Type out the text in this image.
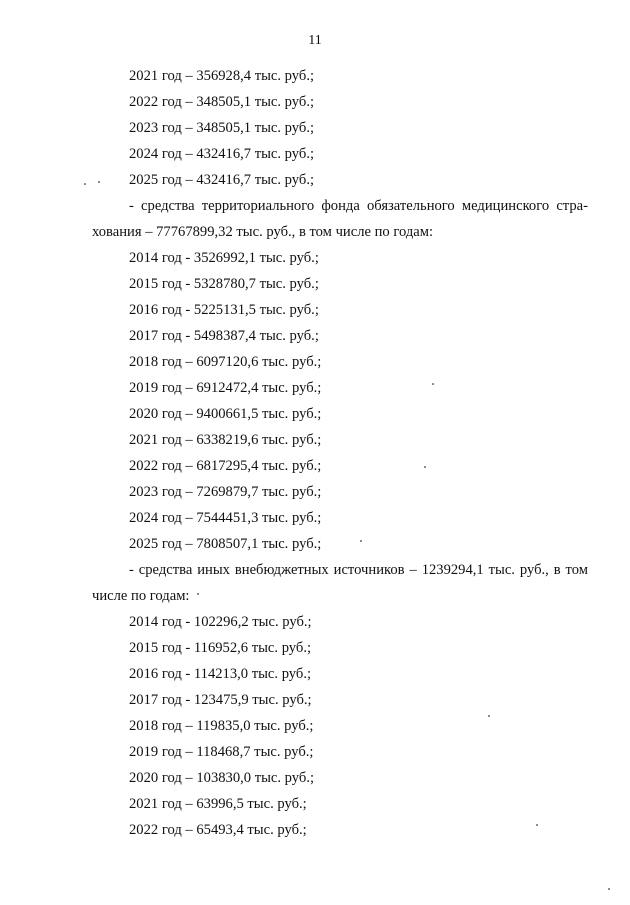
11
2021 год – 356928,4 тыс. руб.;
2022 год – 348505,1 тыс. руб.;
2023 год – 348505,1 тыс. руб.;
2024 год – 432416,7 тыс. руб.;
2025 год – 432416,7 тыс. руб.;
- средства территориального фонда обязательного медицинского стра-
хования – 77767899,32 тыс. руб., в том числе по годам:
2014 год - 3526992,1 тыс. руб.;
2015 год - 5328780,7 тыс. руб.;
2016 год - 5225131,5 тыс. руб.;
2017 год - 5498387,4 тыс. руб.;
2018 год – 6097120,6 тыс. руб.;
2019 год – 6912472,4 тыс. руб.;
2020 год – 9400661,5 тыс. руб.;
2021 год – 6338219,6 тыс. руб.;
2022 год – 6817295,4 тыс. руб.;
2023 год – 7269879,7 тыс. руб.;
2024 год – 7544451,3 тыс. руб.;
2025 год – 7808507,1 тыс. руб.;
- средства иных внебюджетных источников – 1239294,1 тыс. руб., в том
числе по годам:
2014 год - 102296,2 тыс. руб.;
2015 год - 116952,6 тыс. руб.;
2016 год - 114213,0 тыс. руб.;
2017 год - 123475,9 тыс. руб.;
2018 год – 119835,0 тыс. руб.;
2019 год – 118468,7 тыс. руб.;
2020 год – 103830,0 тыс. руб.;
2021 год – 63996,5 тыс. руб.;
2022 год – 65493,4 тыс. руб.;
